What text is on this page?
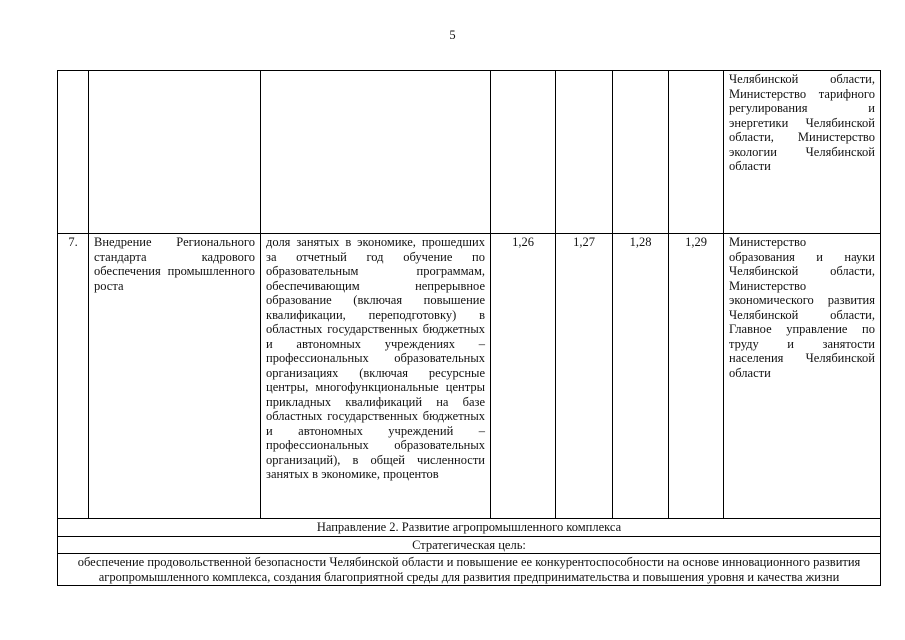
5
							Челябинской области, Министерство тарифного регулирования и энергетики Челябинской области, Министерство экологии Челябинской области
7.	Внедрение Регионального стандарта кадрового обеспечения промышленного роста	доля занятых в экономике, прошедших за отчетный год обучение по образовательным программам, обеспечивающим непрерывное образование (включая повышение квалификации, переподготовку) в областных государственных бюджетных и автономных учреждениях – профессиональных образовательных организациях (включая ресурсные центры, многофункциональные центры прикладных квалификаций на базе областных государственных бюджетных и автономных учреждений – профессиональных образовательных организаций), в общей численности занятых в экономике, процентов	1,26	1,27	1,28	1,29	Министерство образования и науки Челябинской области, Министерство экономического развития Челябинской области, Главное управление по труду и занятости населения Челябинской области
Направление 2. Развитие агропромышленного комплекса							
Стратегическая цель:							
обеспечение продовольственной безопасности Челябинской области и повышение ее конкурентоспособности на основе инновационного развития агропромышленного комплекса, создания благоприятной среды для развития предпринимательства и повышения уровня и качества жизни							
